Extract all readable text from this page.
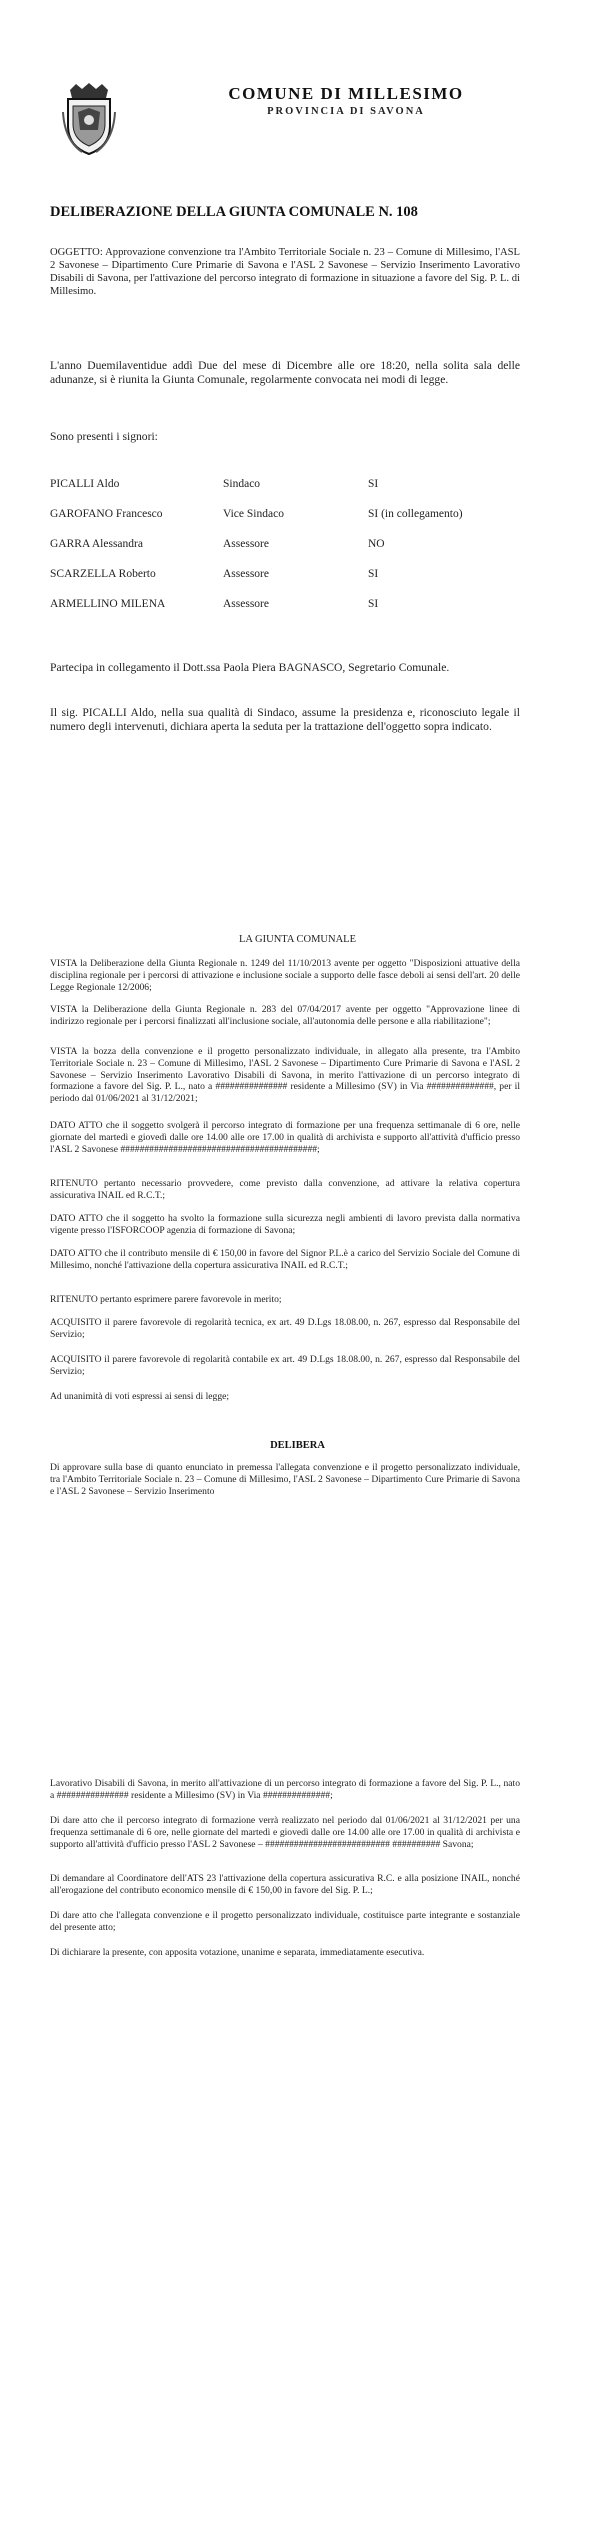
COMUNE DI MILLESIMO
PROVINCIA DI SAVONA
DELIBERAZIONE DELLA GIUNTA COMUNALE N. 108
OGGETTO: Approvazione convenzione tra l'Ambito Territoriale Sociale n. 23 – Comune di Millesimo, l'ASL 2 Savonese – Dipartimento Cure Primarie di Savona e l'ASL 2 Savonese – Servizio Inserimento Lavorativo Disabili di Savona, per l'attivazione del percorso integrato di formazione in situazione a favore del Sig. P. L. di Millesimo.
L'anno Duemilaventidue addì Due del mese di Dicembre alle ore 18:20, nella solita sala delle adunanze, si è riunita la Giunta Comunale, regolarmente convocata nei modi di legge.
Sono presenti i signori:
PICALLI Aldo	Sindaco	SI
GAROFANO Francesco	Vice Sindaco	SI (in collegamento)
GARRA Alessandra	Assessore	NO
SCARZELLA Roberto	Assessore	SI
ARMELLINO MILENA	Assessore	SI
Partecipa in collegamento il Dott.ssa Paola Piera BAGNASCO, Segretario Comunale.
Il sig. PICALLI Aldo, nella sua qualità di Sindaco, assume la presidenza e, riconosciuto legale il numero degli intervenuti, dichiara aperta la seduta per la trattazione dell'oggetto sopra indicato.
LA GIUNTA COMUNALE
VISTA la Deliberazione della Giunta Regionale n. 1249 del 11/10/2013 avente per oggetto "Disposizioni attuative della disciplina regionale per i percorsi di attivazione e inclusione sociale a supporto delle fasce deboli ai sensi dell'art. 20 delle Legge Regionale 12/2006;
VISTA la Deliberazione della Giunta Regionale n. 283 del 07/04/2017 avente per oggetto "Approvazione linee di indirizzo regionale per i percorsi finalizzati all'inclusione sociale, all'autonomia delle persone e alla riabilitazione";
VISTA la bozza della convenzione e il progetto personalizzato individuale, in allegato alla presente, tra l'Ambito Territoriale Sociale n. 23 – Comune di Millesimo, l'ASL 2 Savonese – Dipartimento Cure Primarie di Savona e l'ASL 2 Savonese – Servizio Inserimento Lavorativo Disabili di Savona, in merito l'attivazione di un percorso integrato di formazione a favore del Sig. P. L., nato a ############### residente a Millesimo (SV) in Via ##############, per il periodo dal 01/06/2021 al 31/12/2021;
DATO ATTO che il soggetto svolgerà il percorso integrato di formazione per una frequenza settimanale di 6 ore, nelle giornate del martedì e giovedì dalle ore 14.00 alle ore 17.00 in qualità di archivista e supporto all'attività d'ufficio presso l'ASL 2 Savonese #########################################;
RITENUTO pertanto necessario provvedere, come previsto dalla convenzione, ad attivare la relativa copertura assicurativa INAIL ed R.C.T.;
DATO ATTO che il soggetto ha svolto la formazione sulla sicurezza negli ambienti di lavoro prevista dalla normativa vigente presso l'ISFORCOOP agenzia di formazione di Savona;
DATO ATTO che il contributo mensile di € 150,00 in favore del Signor P.L.è a carico del Servizio Sociale del Comune di Millesimo, nonché l'attivazione della copertura assicurativa INAIL ed R.C.T.;
RITENUTO pertanto esprimere parere favorevole in merito;
ACQUISITO il parere favorevole di regolarità tecnica, ex art. 49 D.Lgs 18.08.00, n. 267, espresso dal Responsabile del Servizio;
ACQUISITO il parere favorevole di regolarità contabile ex art. 49 D.Lgs 18.08.00, n. 267, espresso dal Responsabile del Servizio;
Ad unanimità di voti espressi ai sensi di legge;
DELIBERA
Di approvare sulla base di quanto enunciato in premessa l'allegata convenzione e il progetto personalizzato individuale, tra l'Ambito Territoriale Sociale n. 23 – Comune di Millesimo, l'ASL 2 Savonese – Dipartimento Cure Primarie di Savona e l'ASL 2 Savonese – Servizio Inserimento
Lavorativo Disabili di Savona, in merito all'attivazione di un percorso integrato di formazione a favore del Sig. P. L., nato a ############### residente a Millesimo (SV) in Via ##############;
Di dare atto che il percorso integrato di formazione verrà realizzato nel periodo dal 01/06/2021 al 31/12/2021 per una frequenza settimanale di 6 ore, nelle giornate del martedì e giovedì dalle ore 14.00 alle ore 17.00 in qualità di archivista e supporto all'attività d'ufficio presso l'ASL 2 Savonese – ########################## ########## Savona;
Di demandare al Coordinatore dell'ATS 23 l'attivazione della copertura assicurativa R.C. e alla posizione INAIL, nonché all'erogazione del contributo economico mensile di € 150,00 in favore del Sig. P. L.;
Di dare atto che l'allegata convenzione e il progetto personalizzato individuale, costituisce parte integrante e sostanziale del presente atto;
Di dichiarare la presente, con apposita votazione, unanime e separata, immediatamente esecutiva.
